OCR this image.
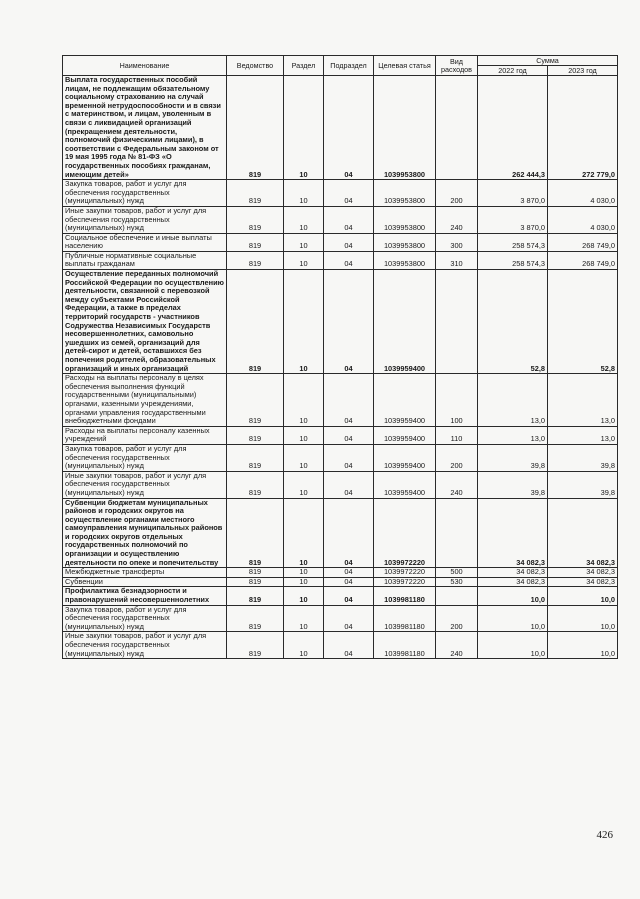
Наименование	Ведомство	Раздел	Подраздел	Целевая статья	Вид расходов	Сумма	
						2022 год	2023 год
Выплата государственных пособий лицам, не подлежащим обязательному социальному страхованию на случай временной нетрудоспособности и в связи с материнством, и лицам, уволенным в связи с ликвидацией организаций (прекращением деятельности, полномочий физическими лицами), в соответствии с Федеральным законом от 19 мая 1995 года № 81-ФЗ «О государственных пособиях гражданам, имеющим детей»	819	10	04	1039953800		262 444,3	272 779,0
Закупка товаров, работ и услуг для обеспечения государственных (муниципальных) нужд	819	10	04	1039953800	200	3 870,0	4 030,0
Иные закупки товаров, работ и услуг для обеспечения государственных (муниципальных) нужд	819	10	04	1039953800	240	3 870,0	4 030,0
Социальное обеспечение и иные выплаты населению	819	10	04	1039953800	300	258 574,3	268 749,0
Публичные нормативные социальные выплаты гражданам	819	10	04	1039953800	310	258 574,3	268 749,0
Осуществление переданных полномочий Российской Федерации по осуществлению деятельности, связанной с перевозкой между субъектами Российской Федерации, а также в пределах территорий государств - участников Содружества Независимых Государств несовершеннолетних, самовольно ушедших из семей, организаций для детей-сирот и детей, оставшихся без попечения родителей, образовательных организаций и иных организаций	819	10	04	1039959400		52,8	52,8
Расходы на выплаты персоналу в целях обеспечения выполнения функций государственными (муниципальными) органами, казенными учреждениями, органами управления государственными внебюджетными фондами	819	10	04	1039959400	100	13,0	13,0
Расходы на выплаты персоналу казенных учреждений	819	10	04	1039959400	110	13,0	13,0
Закупка товаров, работ и услуг для обеспечения государственных (муниципальных) нужд	819	10	04	1039959400	200	39,8	39,8
Иные закупки товаров, работ и услуг для обеспечения государственных (муниципальных) нужд	819	10	04	1039959400	240	39,8	39,8
Субвенции бюджетам муниципальных районов и городских округов на осуществление органами местного самоуправления муниципальных районов и городских округов отдельных государственных полномочий по организации и осуществлению деятельности по опеке и попечительству	819	10	04	1039972220		34 082,3	34 082,3
Межбюджетные трансферты	819	10	04	1039972220	500	34 082,3	34 082,3
Субвенции	819	10	04	1039972220	530	34 082,3	34 082,3
Профилактика безнадзорности и правонарушений несовершеннолетних	819	10	04	1039981180		10,0	10,0
Закупка товаров, работ и услуг для обеспечения государственных (муниципальных) нужд	819	10	04	1039981180	200	10,0	10,0
Иные закупки товаров, работ и услуг для обеспечения государственных (муниципальных) нужд	819	10	04	1039981180	240	10,0	10,0
426
